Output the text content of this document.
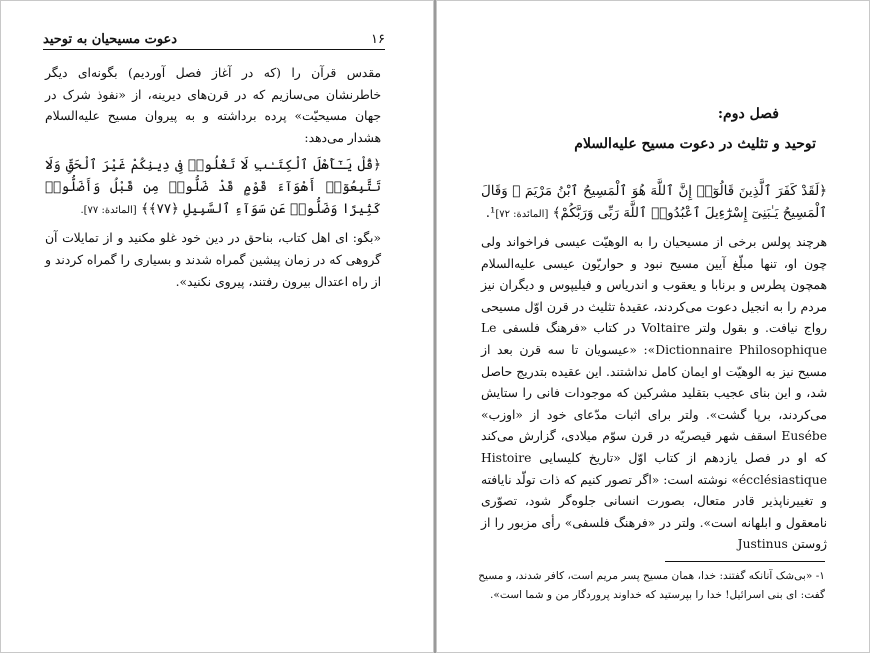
۱۶
دعوت مسیحیان به توحید

مقدس قرآن را (که در آغاز فصل آوردیم) بگونه‌ای دیگر خاطرنشان می‌سازیم که در قرن‌های دیرینه، از «نفوذ شرک در جهان مسیحیّت» پرده برداشته و به پیروان مسیح عليه‌السلام هشدار می‌دهد:

﴿قُلْ يَـٰٓأَهْلَ ٱلْكِتَـٰبِ لَا تَغْلُوا۟ فِى دِينِكُمْ غَيْرَ ٱلْحَقِّ وَلَا تَتَّبِعُوٓا۟ أَهْوَآءَ قَوْمٍ قَدْ ضَلُّوا۟ مِن قَبْلُ وَأَضَلُّوا۟ كَثِيرًا وَضَلُّوا۟ عَن سَوَآءِ ٱلسَّبِيلِ ﴿٧٧﴾﴾ [المائدة: ٧٧].

«بگو: ای اهل کتاب، بناحق در دین خود غلو مکنید و از تمایلات آن گروهی که در زمان پیشین گمراه شدند و بسیاری را گمراه کردند و از راه اعتدال بیرون رفتند، پیروی نکنید».

فصل دوم:
توحید و تثلیث در دعوت مسیح عليه‌السلام

﴿لَقَدْ كَفَرَ ٱلَّذِينَ قَالُوٓا۟ إِنَّ ٱللَّهَ هُوَ ٱلْمَسِيحُ ٱبْنُ مَرْيَمَ ۖ وَقَالَ ٱلْمَسِيحُ يَـٰبَنِىٓ إِسْرَٰٓءِيلَ ٱعْبُدُوا۟ ٱللَّهَ رَبِّى وَرَبَّكُمْ﴾ [المائدة: ٧٢]¹.

هرچند پولس برخی از مسیحیان را به الوهیّت عیسی فراخواند ولی چون او، تنها مبلّغ آیین مسیح نبود و حواریّون عیسی عليه‌السلام همچون پطرس و برنابا و یعقوب و اندریاس و فیلیپوس و دیگران نیز مردم را به انجیل دعوت می‌کردند، عقیدۀ تثلیث در قرن اوّل مسیحی رواج نیافت. و بقول ولتر Voltaire در کتاب «فرهنگ فلسفی Le Dictionnaire Philosophique»: «عیسویان تا سه قرن بعد از مسیح نیز به الوهیّت او ایمان کامل نداشتند. این عقیده بتدریج حاصل شد، و این بنای عجیب بتقلید مشرکین که موجودات فانی را ستایش می‌کردند، برپا گشت». ولتر برای اثبات مدّعای خود از «اوزب» Eusébe اسقف شهر قیصریّه در قرن سوّم میلادی، گزارش می‌کند که او در فصل یازدهم از کتاب اوّل «تاریخ کلیسایی Histoire écclésiastique» نوشته است: «اگر تصور کنیم که ذات تولّد نایافته و تغییرناپذیر قادر متعال، بصورت انسانی جلوه‌گر شود، تصوّری نامعقول و ابلهانه است». ولتر در «فرهنگ فلسفی» رأی مزبور را از ژوستن Justinus

۱- «بی‌شک آنانکه گفتند: خدا، همان مسیح پسر مریم است، کافر شدند، و مسیح گفت: ای بنی اسرائیل! خدا را بپرستید که خداوند پروردگار من و شما است».
